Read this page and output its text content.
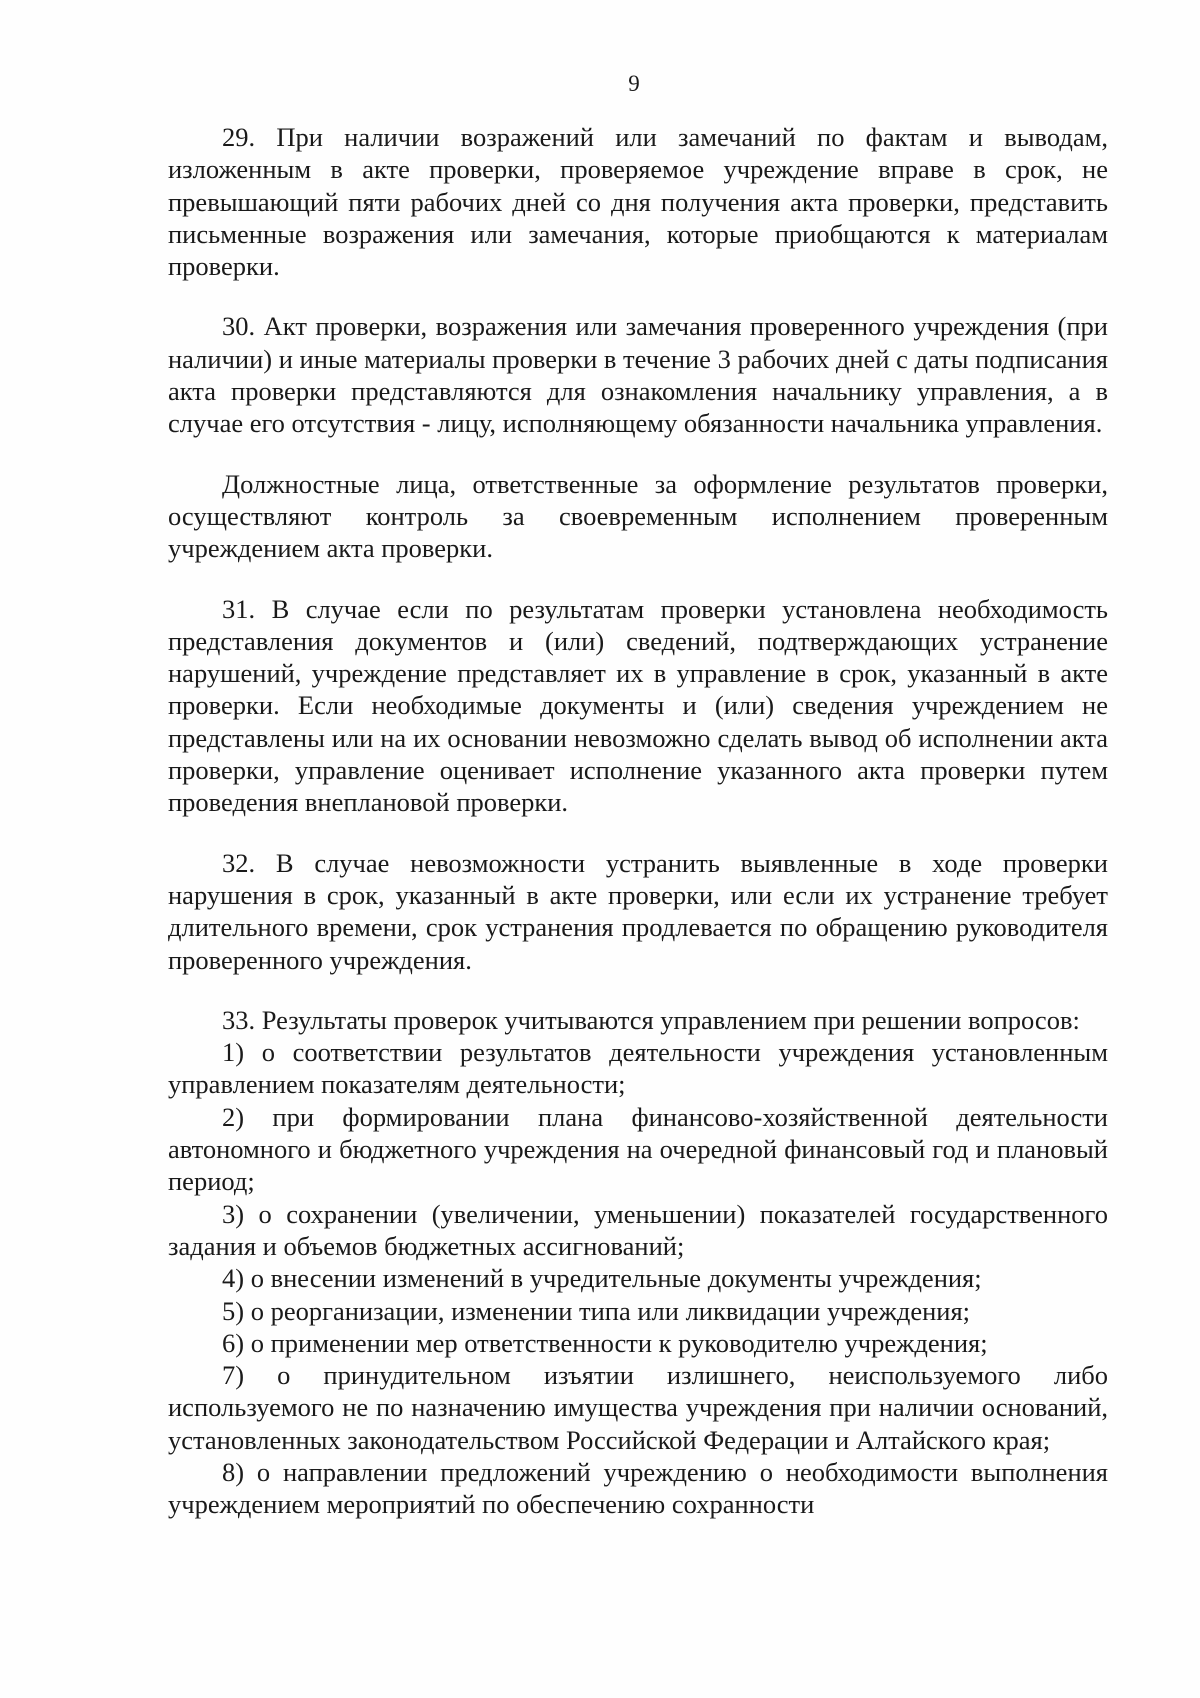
9

29. При наличии возражений или замечаний по фактам и выводам, изложенным в акте проверки, проверяемое учреждение вправе в срок, не превышающий пяти рабочих дней со дня получения акта проверки, представить письменные возражения или замечания, которые приобщаются к материалам проверки.

30. Акт проверки, возражения или замечания проверенного учреждения (при наличии) и иные материалы проверки в течение 3 рабочих дней с даты подписания акта проверки представляются для ознакомления начальнику управления, а в случае его отсутствия - лицу, исполняющему обязанности начальника управления.

Должностные лица, ответственные за оформление результатов проверки, осуществляют контроль за своевременным исполнением проверенным учреждением акта проверки.

31. В случае если по результатам проверки установлена необходимость представления документов и (или) сведений, подтверждающих устранение нарушений, учреждение представляет их в управление в срок, указанный в акте проверки. Если необходимые документы и (или) сведения учреждением не представлены или на их основании невозможно сделать вывод об исполнении акта проверки, управление оценивает исполнение указанного акта проверки путем проведения внеплановой проверки.

32. В случае невозможности устранить выявленные в ходе проверки нарушения в срок, указанный в акте проверки, или если их устранение требует длительного времени, срок устранения продлевается по обращению руководителя проверенного учреждения.

33. Результаты проверок учитываются управлением при решении вопросов:

1) о соответствии результатов деятельности учреждения установленным управлением показателям деятельности;

2) при формировании плана финансово-хозяйственной деятельности автономного и бюджетного учреждения на очередной финансовый год и плановый период;

3) о сохранении (увеличении, уменьшении) показателей государственного задания и объемов бюджетных ассигнований;

4) о внесении изменений в учредительные документы учреждения;

5) о реорганизации, изменении типа или ликвидации учреждения;

6) о применении мер ответственности к руководителю учреждения;

7) о принудительном изъятии излишнего, неиспользуемого либо используемого не по назначению имущества учреждения при наличии оснований, установленных законодательством Российской Федерации и Алтайского края;

8) о направлении предложений учреждению о необходимости выполнения учреждением мероприятий по обеспечению сохранности
